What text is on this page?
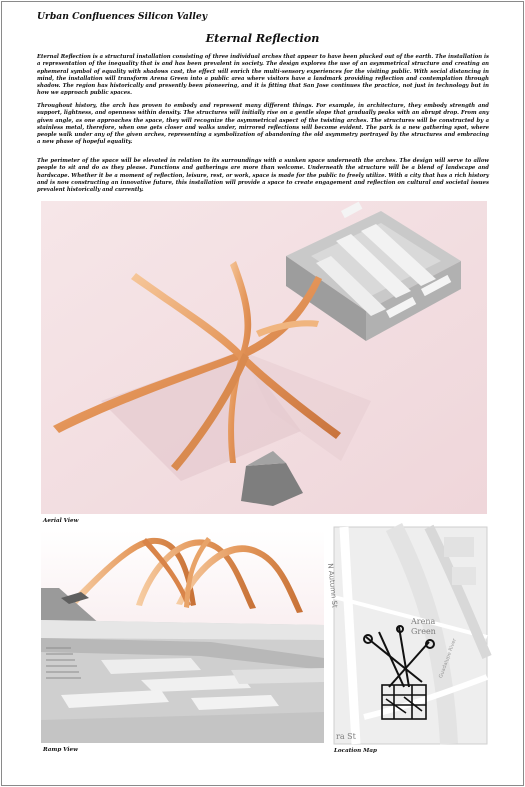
Urban Confluences Silicon Valley
Eternal Reflection

Eternal Reflection is a structural installation consisting of three individual arches that appear to have been plucked out of the earth. The installation is a representation of the inequality that is and has been prevalent in society. The design explores the use of an asymmetrical structure and creating an ephemeral symbol of equality with shadows cast, the effect will enrich the multi-sensory experiences for the visiting public. With social distancing in mind, the installation will transform Arena Green into a public area where visitors have a landmark providing reflection and contemplation through shadow. The region has historically and presently been pioneering, and it is fitting that San Jose continues the practice, not just in technology but in how we approach public spaces.

Throughout history, the arch has proven to embody and represent many different things. For example, in architecture, they embody strength and support, lightness, and openness within density. The structures will initially rise on a gentle slope that gradually peaks with an abrupt drop. From any given angle, as one approaches the space, they will recognize the asymmetrical aspect of the twisting arches. The structures will be constructed by a stainless metal, therefore, when one gets closer and walks under, mirrored reflections will become evident. The park is a new gathering spot, where people walk under any of the given arches, representing a symbolization of abandoning the old asymmetry portrayed by the structures and embracing a new phase of hopeful equality.

The perimeter of the space will be elevated in relation to its surroundings with a sunken space underneath the arches. The design will serve to allow people to sit and do as they please. Functions and gatherings are more than welcome. Underneath the structure will be a blend of landscape and hardscape. Whether it be a moment of reflection, leisure, rest, or work, space is made for the public to freely utilize. With a city that has a rich history and is now constructing an innovative future, this installation will provide a space to create engagement and reflection on cultural and societal issues prevalent historically and currently.

Aerial View
Ramp View
N Autumn St
Arena
Green
Guadalupe River
ra St
Location Map
